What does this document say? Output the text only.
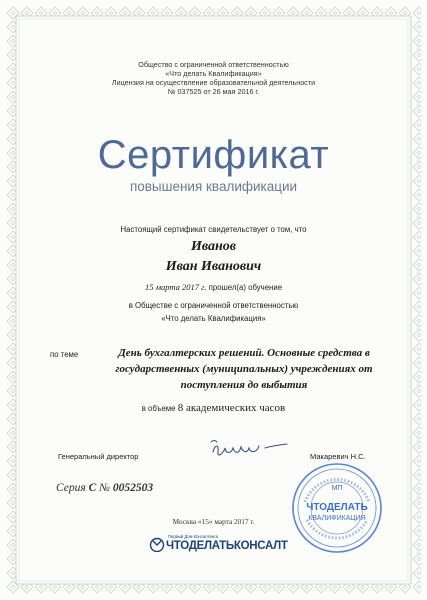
Общество с ограниченной ответственностью
«Что делать Квалификация»
Лицензия на осуществление образовательной деятельности
№ 037525 от 26 мая 2016 г.
Сертификат
повышения квалификации
Настоящий сертификат свидетельствует о том, что
Иванов
Иван Иванович
15 марта 2017 г. прошел(а) обучение
в Обществе с ограниченной ответственностью
«Что делать Квалификация»
по теме	День бухгалтерских решений. Основные средства в государственных (муниципальных) учреждениях от поступления до выбытия
в объеме 8 академических часов
Генеральный директор	Макаревич Н.С.
Серия С № 0052503
Москва «15» марта 2017 г.
МП
ЧТОДЕЛАТЬ
КВАЛИФИКАЦИЯ
Первый Дом Консалтинга
ЧТОДЕЛАТЬКОНСАЛТ
